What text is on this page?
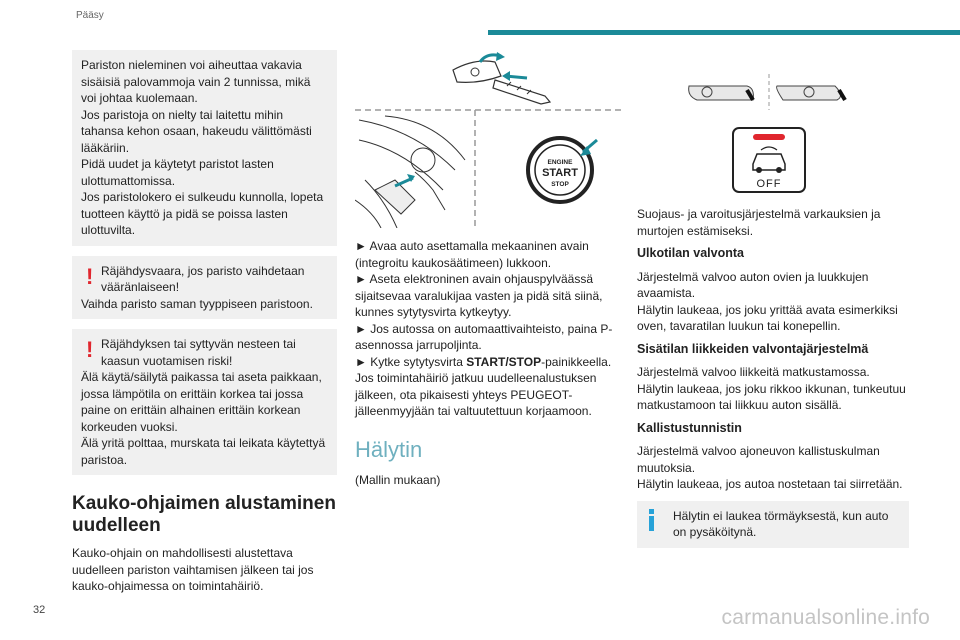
Pääsy

Pariston nieleminen voi aiheuttaa vakavia sisäisiä palovammoja vain 2 tunnissa, mikä voi johtaa kuolemaan.

Jos paristoja on nielty tai laitettu mihin tahansa kehon osaan, hakeudu välittömästi lääkäriin.

Pidä uudet ja käytetyt paristot lasten ulottumattomissa.

Jos paristolokero ei sulkeudu kunnolla, lopeta tuotteen käyttö ja pidä se poissa lasten ulottuvilta.

! Räjähdysvaara, jos paristo vaihdetaan vääränlaiseen!

Vaihda paristo saman tyyppiseen paristoon.

! Räjähdyksen tai syttyvän nesteen tai kaasun vuotamisen riski!

Älä käytä/säilytä paikassa tai aseta paikkaan, jossa lämpötila on erittäin korkea tai jossa paine on erittäin alhainen erittäin korkean korkeuden vuoksi.

Älä yritä polttaa, murskata tai leikata käytettyä paristoa.

Kauko-ohjaimen alustaminen uudelleen

Kauko-ohjain on mahdollisesti alustettava uudelleen pariston vaihtamisen jälkeen tai jos kauko-ohjaimessa on toimintahäiriö.

ENGINE
START
STOP

► Avaa auto asettamalla mekaaninen avain (integroitu kaukosäätimeen) lukkoon.

► Aseta elektroninen avain ohjauspylväässä sijaitsevaa varalukijaa vasten ja pidä sitä siinä, kunnes sytytysvirta kytkeytyy.

► Jos autossa on automaattivaihteisto, paina P-asennossa jarrupoljinta.

► Kytke sytytysvirta START/STOP-painikkeella.

Jos toimintahäiriö jatkuu uudelleenalustuksen jälkeen, ota pikaisesti yhteys PEUGEOT-jälleenmyyjään tai valtuutettuun korjaamoon.

Hälytin

(Mallin mukaan)

OFF

Suojaus- ja varoitusjärjestelmä varkauksien ja murtojen estämiseksi.

Ulkotilan valvonta

Järjestelmä valvoo auton ovien ja luukkujen avaamista.

Hälytin laukeaa, jos joku yrittää avata esimerkiksi oven, tavaratilan luukun tai konepellin.

Sisätilan liikkeiden valvontajärjestelmä

Järjestelmä valvoo liikkeitä matkustamossa.

Hälytin laukeaa, jos joku rikkoo ikkunan, tunkeutuu matkustamoon tai liikkuu auton sisällä.

Kallistustunnistin

Järjestelmä valvoo ajoneuvon kallistuskulman muutoksia.

Hälytin laukeaa, jos autoa nostetaan tai siirretään.

Hälytin ei laukea törmäyksestä, kun auto on pysäköitynä.

32	carmanualsonline.info
